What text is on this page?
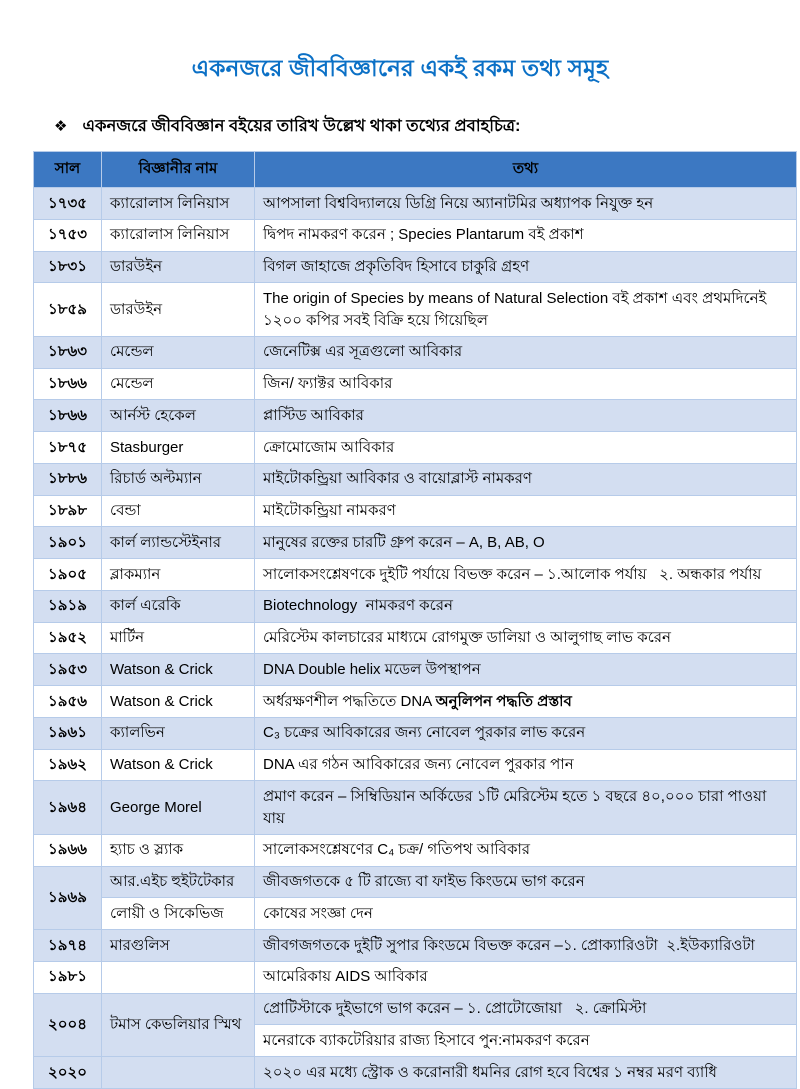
একনজরে জীববিজ্ঞানের একই রকম তথ্য সমূহ
❖ একনজরে জীববিজ্ঞান বইয়ের তারিখ উল্লেখ থাকা তথ্যের প্রবাহচিত্র:
সাল	বিজ্ঞানীর নাম	তথ্য
১৭৩৫	ক্যারোলাস লিনিয়াস	আপসালা বিশ্ববিদ্যালয়ে ডিগ্রি নিয়ে অ্যানাটমির অধ্যাপক নিযুক্ত হন
১৭৫৩	ক্যারোলাস লিনিয়াস	দ্বিপদ নামকরণ করেন ; Species Plantarum বই প্রকাশ
১৮৩১	ডারউইন	বিগল জাহাজে প্রকৃতিবিদ হিসাবে চাকুরি গ্রহণ
১৮৫৯	ডারউইন	The origin of Species by means of Natural Selection বই প্রকাশ এবং প্রথমদিনেই ১২০০ কপির সবই বিক্রি হয়ে গিয়েছিল
১৮৬৩	মেন্ডেল	জেনেটিক্স এর সূত্রগুলো আবিকার
১৮৬৬	মেন্ডেল	জিন/ ফ্যাক্টর আবিকার
১৮৬৬	আর্নস্ট হেকেল	প্লাস্টিড আবিকার
১৮৭৫	Stasburger	ক্রোমোজোম আবিকার
১৮৮৬	রিচার্ড অল্টম্যান	মাইটোকন্ড্রিয়া আবিকার ও বায়োব্লাস্ট নামকরণ
১৮৯৮	বেন্ডা	মাইটোকন্ড্রিয়া নামকরণ
১৯০১	কার্ল ল্যান্ডস্টেইনার	মানুষের রক্তের চারটি গ্রুপ করেন – A, B, AB, O
১৯০৫	ব্লাকম্যান	সালোকসংশ্লেষণকে দুইটি পর্যায়ে বিভক্ত করেন – ১.আলোক পর্যায়   ২. অন্ধকার পর্যায়
১৯১৯	কার্ল এরেকি	Biotechnology  নামকরণ করেন
১৯৫২	মার্টিন	মেরিস্টেম কালচারের মাধ্যমে রোগমুক্ত ডালিয়া ও আলুগাছ লাভ করেন
১৯৫৩	Watson & Crick	DNA Double helix মডেল উপস্থাপন
১৯৫৬	Watson & Crick	অর্ধরক্ষণশীল পদ্ধতিতে DNA অনুলিপন পদ্ধতি প্রস্তাব
১৯৬১	ক্যালভিন	C₃ চক্রের আবিকারের জন্য নোবেল পুরকার লাভ করেন
১৯৬২	Watson & Crick	DNA এর গঠন আবিকারের জন্য নোবেল পুরকার পান
১৯৬৪	George Morel	প্রমাণ করেন – সিম্বিডিয়ান অর্কিডের ১টি মেরিস্টেম হতে ১ বছরে ৪০,০০০ চারা পাওয়া যায়
১৯৬৬	হ্যাচ ও স্ল্যাক	সালোকসংশ্লেষণের C₄ চক্র/ গতিপথ আবিকার
১৯৬৯	আর.এইচ হুইটটেকার	জীবজগতকে ৫ টি রাজ্যে বা ফাইভ কিংডমে ভাগ করেন
	লোয়ী ও সিকেভিজ	কোষের সংজ্ঞা দেন
১৯৭৪	মারগুলিস	জীবগজগতকে দুইটি সুপার কিংডমে বিভক্ত করেন –১. প্রোক্যারিওটা  ২.ইউক্যারিওটা
১৯৮১		আমেরিকায় AIDS আবিকার
২০০৪	টমাস কেভলিয়ার স্মিথ	প্রোটিস্টাকে দুইভাগে ভাগ করেন – ১. প্রোটোজোয়া   ২. ক্রোমিস্টা
		মনেরাকে ব্যাকটেরিয়ার রাজ্য হিসাবে পুন:নামকরণ করেন
২০২০		২০২০ এর মধ্যে স্ট্রোক ও করোনারী ধমনির রোগ হবে বিশ্বের ১ নম্বর মরণ ব্যাধি
